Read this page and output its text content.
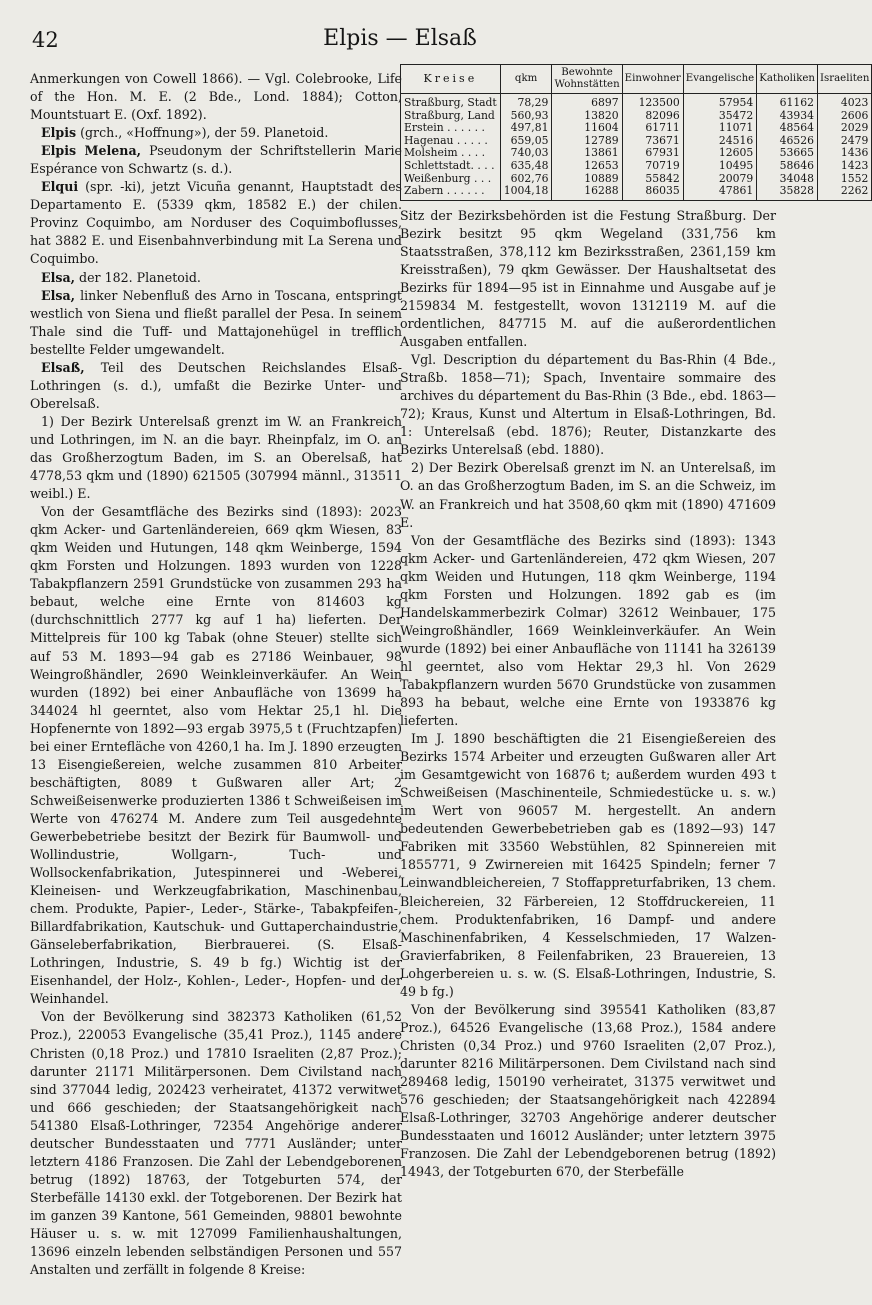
42	Elpis — Elsaß

Anmerkungen von Cowell 1866). — Vgl. Colebrooke, Life of the Hon. M. E. (2 Bde., Lond. 1884); Cotton, Mountstuart E. (Oxf. 1892).

Elpis (grch., «Hoffnung»), der 59. Planetoid.

Elpis Melena, Pseudonym der Schriftstellerin Marie Espérance von Schwartz (s. d.).

Elqui (spr. -ki), jetzt Vicuña genannt, Hauptstadt des Departamento E. (5339 qkm, 18582 E.) der chilen. Provinz Coquimbo, am Norduser des Coquimboflusses, hat 3882 E. und Eisenbahnverbindung mit La Serena und Coquimbo.

Elsa, der 182. Planetoid.

Elsa, linker Nebenfluß des Arno in Toscana, entspringt westlich von Siena und fließt parallel der Pesa. In seinem Thale sind die Tuff- und Mattajonehügel in trefflich bestellte Felder umgewandelt.

Elsaß, Teil des Deutschen Reichslandes Elsaß-Lothringen (s. d.), umfaßt die Bezirke Unter- und Oberelsaß.

1) Der Bezirk Unterelsaß grenzt im W. an Frankreich und Lothringen, im N. an die bayr. Rheinpfalz, im O. an das Großherzogtum Baden, im S. an Oberelsaß, hat 4778,53 qkm und (1890) 621505 (307994 männl., 313511 weibl.) E.

Von der Gesamtfläche des Bezirks sind (1893): 2023 qkm Acker- und Gartenländereien, 669 qkm Wiesen, 83 qkm Weiden und Hutungen, 148 qkm Weinberge, 1594 qkm Forsten und Holzungen. 1893 wurden von 1228 Tabakpflanzern 2591 Grundstücke von zusammen 293 ha bebaut, welche eine Ernte von 814603 kg (durchschnittlich 2777 kg auf 1 ha) lieferten. Der Mittelpreis für 100 kg Tabak (ohne Steuer) stellte sich auf 53 M. 1893—94 gab es 27186 Weinbauer, 98 Weingroßhändler, 2690 Weinkleinverkäufer. An Wein wurden (1892) bei einer Anbaufläche von 13699 ha 344024 hl geerntet, also vom Hektar 25,1 hl. Die Hopfenernte von 1892—93 ergab 3975,5 t (Fruchtzapfen) bei einer Erntefläche von 4260,1 ha. Im J. 1890 erzeugten 13 Eisengießereien, welche zusammen 810 Arbeiter beschäftigten, 8089 t Gußwaren aller Art; 2 Schweißeisenwerke produzierten 1386 t Schweißeisen im Werte von 476274 M. Andere zum Teil ausgedehnte Gewerbebetriebe besitzt der Bezirk für Baumwoll- und Wollindustrie, Wollgarn-, Tuch- und Wollsockenfabrikation, Jutespinnerei und -Weberei, Kleineisen- und Werkzeugfabrikation, Maschinenbau, chem. Produkte, Papier-, Leder-, Stärke-, Tabakpfeifen-, Billardfabrikation, Kautschuk- und Guttaperchaindustrie, Gänseleberfabrikation, Bierbrauerei. (S. Elsaß-Lothringen, Industrie, S. 49 b fg.) Wichtig ist der Eisenhandel, der Holz-, Kohlen-, Leder-, Hopfen- und der Weinhandel.

Von der Bevölkerung sind 382373 Katholiken (61,52 Proz.), 220053 Evangelische (35,41 Proz.), 1145 andere Christen (0,18 Proz.) und 17810 Israeliten (2,87 Proz.); darunter 21171 Militärpersonen. Dem Civilstand nach sind 377044 ledig, 202423 verheiratet, 41372 verwitwet und 666 geschieden; der Staatsangehörigkeit nach 541380 Elsaß-Lothringer, 72354 Angehörige anderer deutscher Bundesstaaten und 7771 Ausländer; unter letztern 4186 Franzosen. Die Zahl der Lebendgeborenen betrug (1892) 18763, der Totgeburten 574, der Sterbefälle 14130 exkl. der Totgeborenen. Der Bezirk hat im ganzen 39 Kantone, 561 Gemeinden, 98801 bewohnte Häuser u. s. w. mit 127099 Familienhaushaltungen, 13696 einzeln lebenden selbständigen Personen und 557 Anstalten und zerfällt in folgende 8 Kreise:

Kreise	qkm	Bewohnte Wohnstätten	Einwohner	Evangelische	Katholiken	Israeliten
Straßburg, Stadt	78,29	6897	123500	57954	61162	4023
Straßburg, Land	560,93	13820	82096	35472	43934	2606
Erstein . . . . . .	497,81	11604	61711	11071	48564	2029
Hagenau . . . . .	659,05	12789	73671	24516	46526	2479
Molsheim . . . .	740,03	13861	67931	12605	53665	1436
Schlettstadt. . . .	635,48	12653	70719	10495	58646	1423
Weißenburg . . .	602,76	10889	55842	20079	34048	1552
Zabern . . . . . .	1004,18	16288	86035	47861	35828	2262

Sitz der Bezirksbehörden ist die Festung Straßburg. Der Bezirk besitzt 95 qkm Wegeland (331,756 km Staatsstraßen, 378,112 km Bezirksstraßen, 2361,159 km Kreisstraßen), 79 qkm Gewässer. Der Haushaltsetat des Bezirks für 1894—95 ist in Einnahme und Ausgabe auf je 2159834 M. festgestellt, wovon 1312119 M. auf die ordentlichen, 847715 M. auf die außerordentlichen Ausgaben entfallen.

Vgl. Description du département du Bas-Rhin (4 Bde., Straßb. 1858—71); Spach, Inventaire sommaire des archives du département du Bas-Rhin (3 Bde., ebd. 1863—72); Kraus, Kunst und Altertum in Elsaß-Lothringen, Bd. 1: Unterelsaß (ebd. 1876); Reuter, Distanzkarte des Bezirks Unterelsaß (ebd. 1880).

2) Der Bezirk Oberelsaß grenzt im N. an Unterelsaß, im O. an das Großherzogtum Baden, im S. an die Schweiz, im W. an Frankreich und hat 3508,60 qkm mit (1890) 471609 E.

Von der Gesamtfläche des Bezirks sind (1893): 1343 qkm Acker- und Gartenländereien, 472 qkm Wiesen, 207 qkm Weiden und Hutungen, 118 qkm Weinberge, 1194 qkm Forsten und Holzungen. 1892 gab es (im Handelskammerbezirk Colmar) 32612 Weinbauer, 175 Weingroßhändler, 1669 Weinkleinverkäufer. An Wein wurde (1892) bei einer Anbaufläche von 11141 ha 326139 hl geerntet, also vom Hektar 29,3 hl. Von 2629 Tabakpflanzern wurden 5670 Grundstücke von zusammen 893 ha bebaut, welche eine Ernte von 1933876 kg lieferten.

Im J. 1890 beschäftigten die 21 Eisengießereien des Bezirks 1574 Arbeiter und erzeugten Gußwaren aller Art im Gesamtgewicht von 16876 t; außerdem wurden 493 t Schweißeisen (Maschinenteile, Schmiedestücke u. s. w.) im Wert von 96057 M. hergestellt. An andern bedeutenden Gewerbebetrieben gab es (1892—93) 147 Fabriken mit 33560 Webstühlen, 82 Spinnereien mit 1855771, 9 Zwirnereien mit 16425 Spindeln; ferner 7 Leinwandbleichereien, 7 Stoffappreturfabriken, 13 chem. Bleichereien, 32 Färbereien, 12 Stoffdruckereien, 11 chem. Produktenfabriken, 16 Dampf- und andere Maschinenfabriken, 4 Kesselschmieden, 17 Walzen-Gravierfabriken, 8 Feilenfabriken, 23 Brauereien, 13 Lohgerbereien u. s. w. (S. Elsaß-Lothringen, Industrie, S. 49 b fg.)

Von der Bevölkerung sind 395541 Katholiken (83,87 Proz.), 64526 Evangelische (13,68 Proz.), 1584 andere Christen (0,34 Proz.) und 9760 Israeliten (2,07 Proz.), darunter 8216 Militärpersonen. Dem Civilstand nach sind 289468 ledig, 150190 verheiratet, 31375 verwitwet und 576 geschieden; der Staatsangehörigkeit nach 422894 Elsaß-Lothringer, 32703 Angehörige anderer deutscher Bundesstaaten und 16012 Ausländer; unter letztern 3975 Franzosen. Die Zahl der Lebendgeborenen betrug (1892) 14943, der Totgeburten 670, der Sterbefälle
